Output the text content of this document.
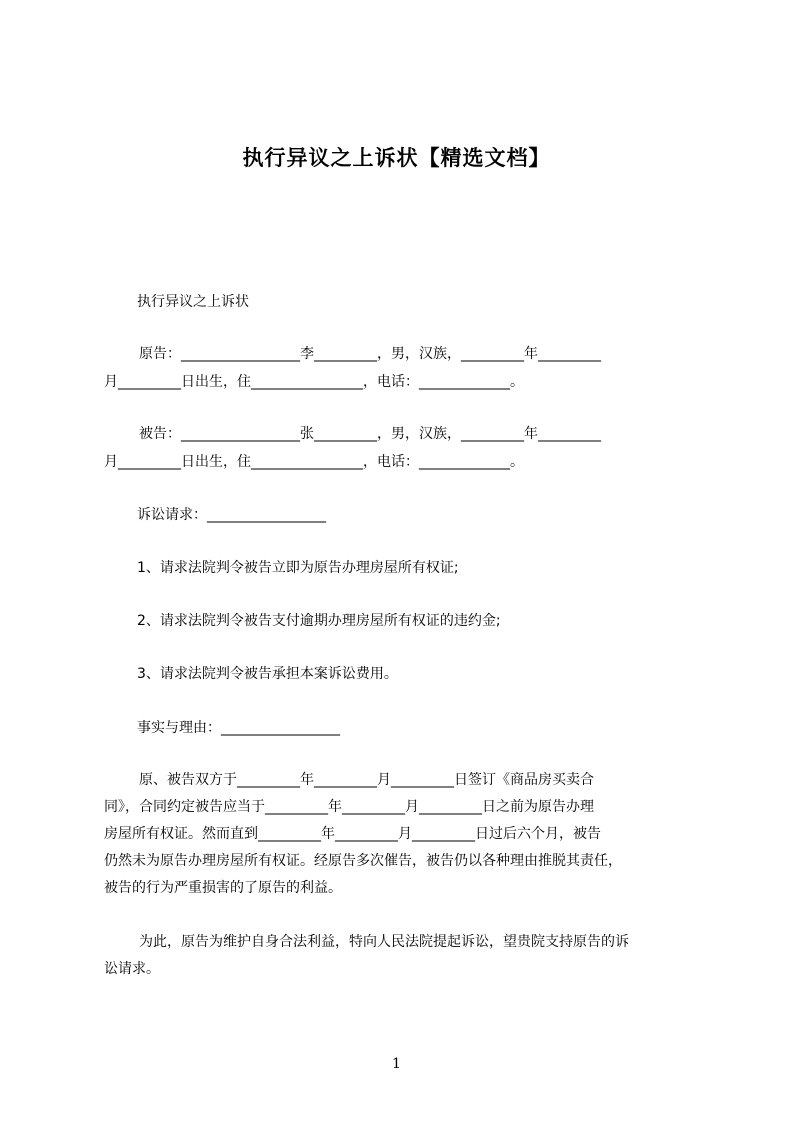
执行异议之上诉状【精选文档】
执行异议之上诉状
原告：_________________李_________，男，汉族，_________年_________
月_________日出生，住________________，电话：_____________。
被告：_________________张_________，男，汉族，_________年_________
月_________日出生，住________________，电话：_____________。
诉讼请求：_________________
1、请求法院判令被告立即为原告办理房屋所有权证;
2、请求法院判令被告支付逾期办理房屋所有权证的违约金;
3、请求法院判令被告承担本案诉讼费用。
事实与理由：_________________
原、被告双方于_________年_________月_________日签订《商品房买卖合
同》，合同约定被告应当于_________年_________月_________日之前为原告办理
房屋所有权证。然而直到_________年_________月_________日过后六个月，被告
仍然未为原告办理房屋所有权证。经原告多次催告，被告仍以各种理由推脱其责任，
被告的行为严重损害的了原告的利益。
为此，原告为维护自身合法利益，特向人民法院提起诉讼，望贵院支持原告的诉
讼请求。
1
